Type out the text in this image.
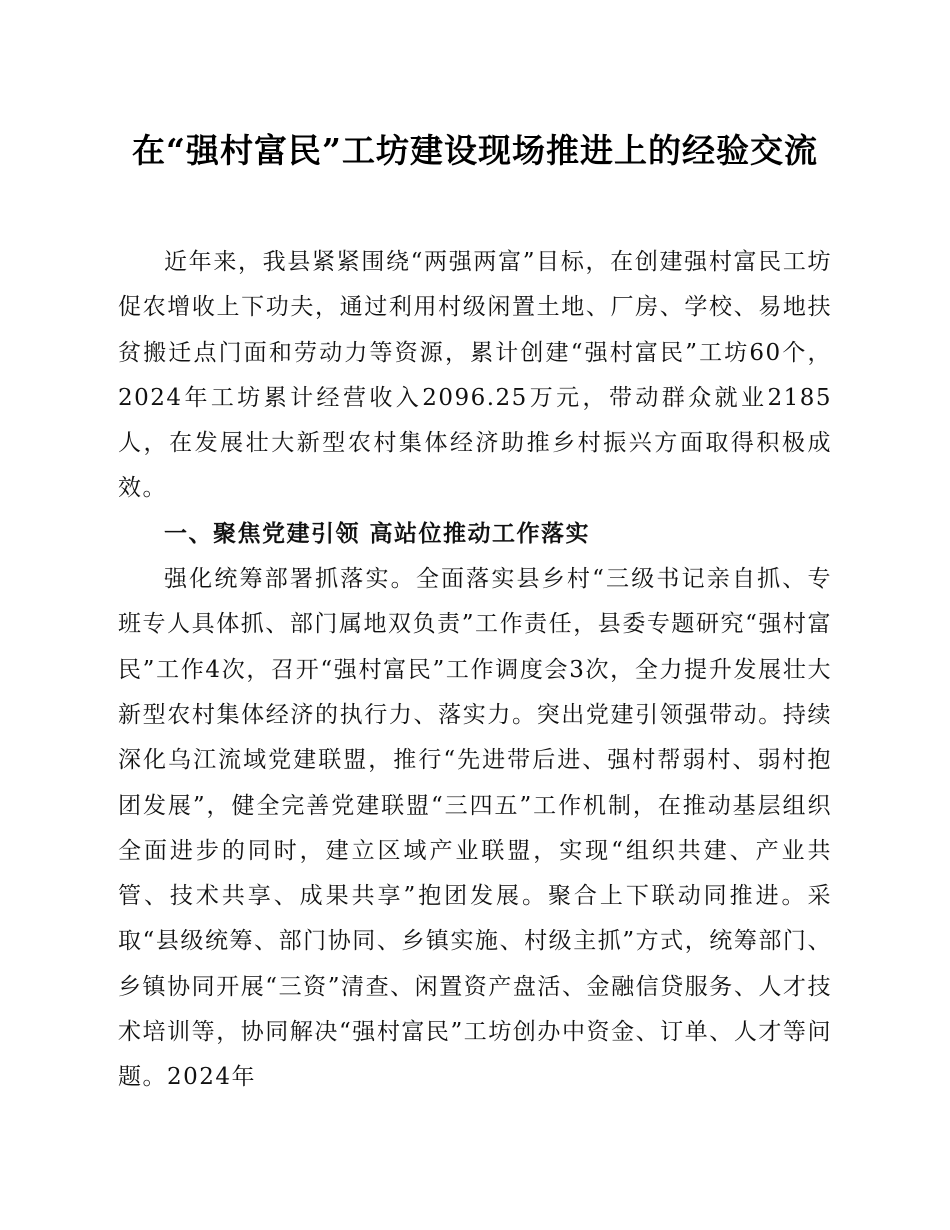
在“强村富民”工坊建设现场推进上的经验交流

近年来，我县紧紧围绕“两强两富”目标，在创建强村富民工坊促农增收上下功夫，通过利用村级闲置土地、厂房、学校、易地扶贫搬迁点门面和劳动力等资源，累计创建“强村富民”工坊60个，2024年工坊累计经营收入2096.25万元，带动群众就业2185人，在发展壮大新型农村集体经济助推乡村振兴方面取得积极成效。

一、聚焦党建引领 高站位推动工作落实

强化统筹部署抓落实。全面落实县乡村“三级书记亲自抓、专班专人具体抓、部门属地双负责”工作责任，县委专题研究“强村富民”工作4次，召开“强村富民”工作调度会3次，全力提升发展壮大新型农村集体经济的执行力、落实力。突出党建引领强带动。持续深化乌江流域党建联盟，推行“先进带后进、强村帮弱村、弱村抱团发展”，健全完善党建联盟“三四五”工作机制，在推动基层组织全面进步的同时，建立区域产业联盟，实现“组织共建、产业共管、技术共享、成果共享”抱团发展。聚合上下联动同推进。采取“县级统筹、部门协同、乡镇实施、村级主抓”方式，统筹部门、乡镇协同开展“三资”清查、闲置资产盘活、金融信贷服务、人才技术培训等，协同解决“强村富民”工坊创办中资金、订单、人才等问题。2024年
